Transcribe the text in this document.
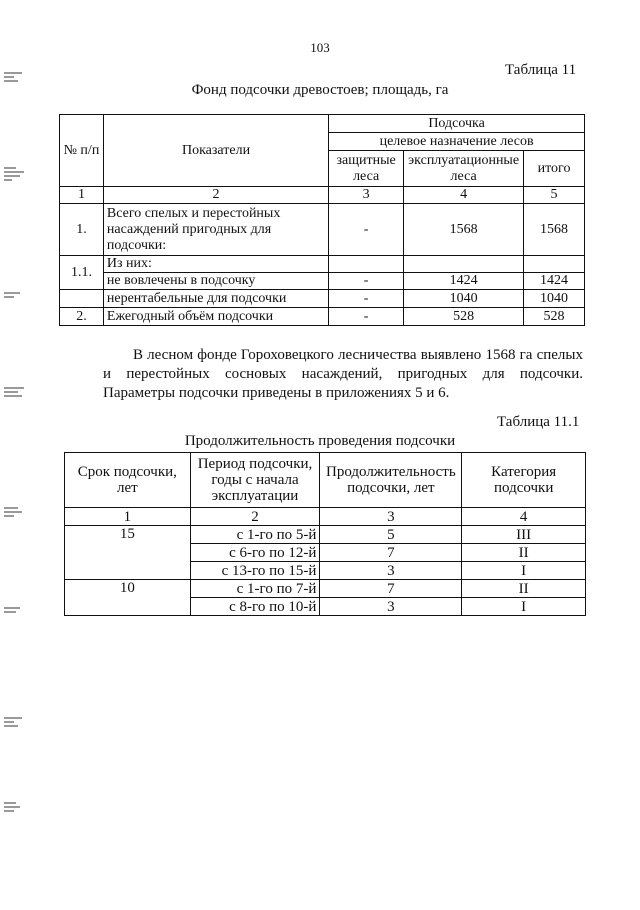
103
Таблица 11
Фонд подсочки древостоев; площадь, га
№ п/п	Показатели	Подсочка		
		целевое назначение лесов		
		защитные леса	эксплуатационные леса	итого
1	2	3	4	5
1.	Всего спелых и перестойных насаждений пригодных для подсочки:	-	1568	1568
1.1.	Из них:			
	не вовлечены в подсочку	-	1424	1424
	нерентабельные для подсочки	-	1040	1040
2.	Ежегодный объём подсочки	-	528	528
В лесном фонде Гороховецкого лесничества выявлено 1568 га спелых и перестойных сосновых насаждений, пригодных для подсочки. Параметры подсочки приведены в приложениях 5 и 6.
Таблица 11.1
Продолжительность проведения подсочки
Срок подсочки, лет	Период подсочки, годы с начала эксплуатации	Продолжительность подсочки, лет	Категория подсочки
1	2	3	4
15	с 1-го по 5-й	5	III
	с 6-го по 12-й	7	II
	с 13-го по 15-й	3	I
10	с 1-го по 7-й	7	II
	с 8-го по 10-й	3	I
